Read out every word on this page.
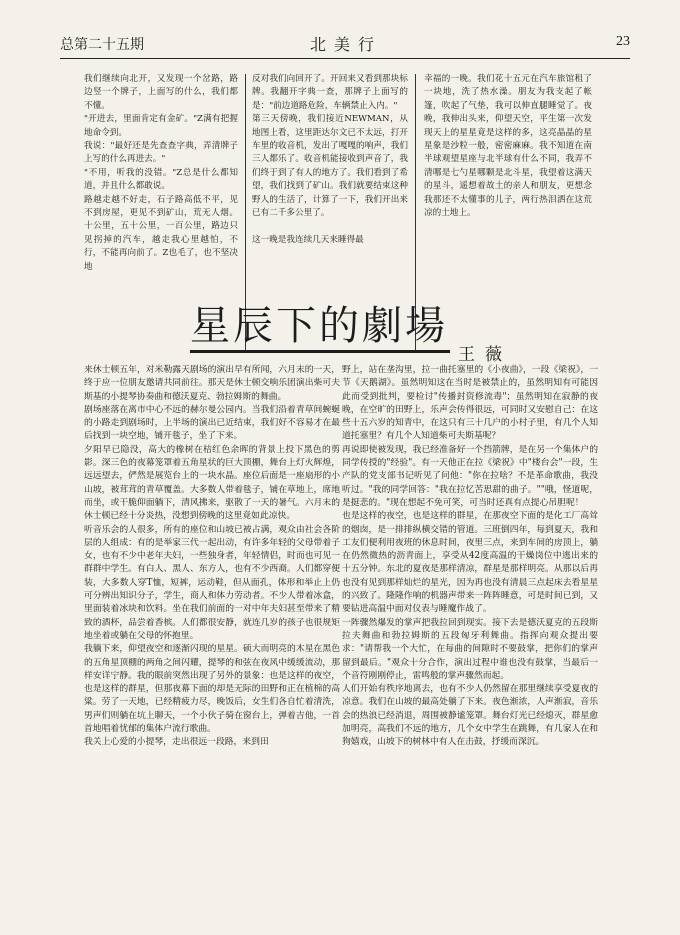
总第二十五期	北美行	23
我们继续向北开，又发现一个岔路，路边竖一个牌子，上面写的什么，我们都不懂。
"开进去，里面肯定有金矿。"Z满有把握地命令到。
我说："最好还是先查查字典，弄清牌子上写的什么再进去。"
"不用，听我的没错。"Z总是什么都知道，并且什么都敢说。
路越走越不好走，石子路高低不平，见不到房屋，更见不到矿山，荒无人烟。十公里，五十公里，一百公里，路边只见拐掉的汽车，越走我心里越怕，不行，不能再向前了。Z也毛了，也不坚决地
反对我们向回开了。开回来又看到那块标牌。我翻开字典一查，那牌子上面写的是："前边道路危险，车辆禁止入内。"
第三天傍晚，我们接近NEWMAN，从地图上看，这里距达尔文已不太远，打开车里的收音机，发出了嘎嘎的响声，我们三人都乐了。收音机能接收到声音了，我们终于到了有人的地方了。我们看到了希望，我们找到了矿山。我们就要结束这种野人的生活了，计算了一下，我们开出来已有二千多公里了。

这一晚是我连续几天来睡得最
幸福的一晚。我们花十五元在汽车旅馆租了一块地，洗了热水澡。朋友为我支起了帐篷，吹起了气垫，我可以伸直腿睡觉了。夜晚，我伸出头来，仰望天空，平生第一次发现天上的星星竟是这样的多，这亮晶晶的星星象是沙粒一般，密密麻麻。我不知道在南半球观望星座与北半球有什么不同，我弄不清哪是七勺星哪颗是北斗星，我望着这满天的星斗，遥想着故土的亲人和朋友，更想念我那还不太懂事的儿子，两行热泪洒在这荒凉的土地上。
星辰下的劇場
王薇
来休士顿五年，对米勒露天剧场的演出早有所闻，六月末的一天，终于应一位朋友邀请共同前往。那天是休士顿交响乐团演出柴可夫斯基的小提琴协奏曲和德沃夏克、勃拉姆斯的舞曲。
剧场座落在离市中心不远的赫尔曼公园内。当我们沿着青草间蜿蜒的小路走到剧场时，上半场的演出已近结束，我们好不容易才在最后找到一块空地，铺开毯子，坐了下来。
夕阳早已隐没，高大的橡树在桔红色余晖的背景上投下黑色的剪影。深三色的夜幕笼罩着五角星状的巨大顶棚，舞台上灯火辉煌，远远望去，俨然是展览台上的一块水晶。座位后面是一座扇形的小山坡，被茸茸的青草覆盖。大多数人带着毯子，铺在草地上，席地而坐，或干脆仰面躺下，清风拂来，驱散了一天的暑气。六月末的休士顿已经十分炎热，没想到傍晚的这里竟如此凉快。
听音乐会的人很多，所有的座位和山坡已被占满，观众由社会各阶层的人组成：有的是举家三代一起出动，有许多年轻的父母带着子女，也有不少中老年夫妇，一些独身者，年轻情侣，时而也可见一群群中学生。有白人、黑人、东方人，也有不少西裔。人们都穿便装，大多数人穿T恤，短裤，运动鞋，但从面孔，体形和举止上仍可分辨出知识分子，学生，商人和体力劳动者。不少人带着冰盒，里面装着冰块和饮料。坐在我们前面的一对中年夫妇甚至带来了精致的酒杯，品尝着香槟。人们都很安静，就连几岁的孩子也很规矩地坐着或躺在父母的怀抱里。
我躺下来，仰望夜空和逐渐闪现的星星。硕大而明亮的木星在黑色的五角星顶棚的两角之间闪耀，提琴的和弦在夜风中缓缓流动，那样安详宁静。我的眼前突然出现了另外的景象：也是这样的夜空，也是这样的群星，但那夜幕下面的却是无际的田野和正在植棉的高粱。劳了一天地，已经精疲力尽，晚饭后，女生们各自忙着清洗，男声们则躺在坑上聊天，一个小伙子骑在窗台上，弹着吉他，一首首地唱着忧郁的集体户流行歌曲。
我关上心爱的小提琴，走出很远一段路，来到田
野上，站在垄沟里，拉一曲托塞里的《小夜曲》，一段《梁祝》，一节《天鹅湖》。虽然明知这在当时是被禁止的，虽然明知有可能因此而受到批判，要检讨"传播封资修流毒"；虽然明知在寂静的夜晚，在空旷的田野上，乐声会传得很远，可同时又安慰自己：在这些十五六岁的知青中，在这只有三十几户的小村子里，有几个人知道托塞里？有几个人知道柴可夫斯基呢？
再说即使被发现，我已经准备好一个挡箭牌，是在另一个集体户的同学传授的"经验"。有一天他正在拉《梁祝》中"楼台会"一段，生产队的党支部书记听见了问他："你在拉啥？不是革命歌曲，我没听过。"我的同学回答："我在拉忆苦思甜的曲子。""哦，怪道呢，是挺悲的。"现在想起不免可笑，可当时还真有点提心吊胆呢！
也是这样的夜空，也是这样的群星，在那夜空下面的是化工厂高耸的烟囱，是一排排纵横交错的管道。三班倒四年，每到夏天，我和工友们便利用夜班的休息时间，夜里三点，来到车间的房顶上，躺在仍然微热的沥青面上，享受从42度高温的干燥岗位中逃出来的十五分钟。东北的夏夜是那样清凉，群星是那样明亮。从那以后再也没有见到那样灿烂的星光，因为再也没有清晨三点起床去看星星的兴致了。隆隆作响的机器声带来一阵阵睡意，可是时间已到，又要钻进高温中面对仪表与睡魔作战了。
一阵骤然爆发的掌声把我拉回到现实。接下去是德沃夏克的五段斯拉夫舞曲和勃拉姆斯的五段匈牙利舞曲。指挥向观众提出要求："请帮我一个大忙，在每曲的间隙时不要鼓掌，把你们的掌声留到最后。"观众十分合作，演出过程中谁也没有鼓掌，当最后一个音符刚刚停止，雷鸣般的掌声骤然而起。
人们开始有秩序地离去，也有不少人仍然留在那里继续享受夏夜的凉意。我们在山坡的最高处躺了下来。夜色渐浓，人声渐寂，音乐会的热浪已经消退，周围被静谧笼罩。舞台灯光已经熄灭，群星愈加明亮，高我们不远的地方，几个女中学生在跳舞，有几家人在和狗嬉戏，山坡下的树林中有人在击鼓，抒缓而深沉。
